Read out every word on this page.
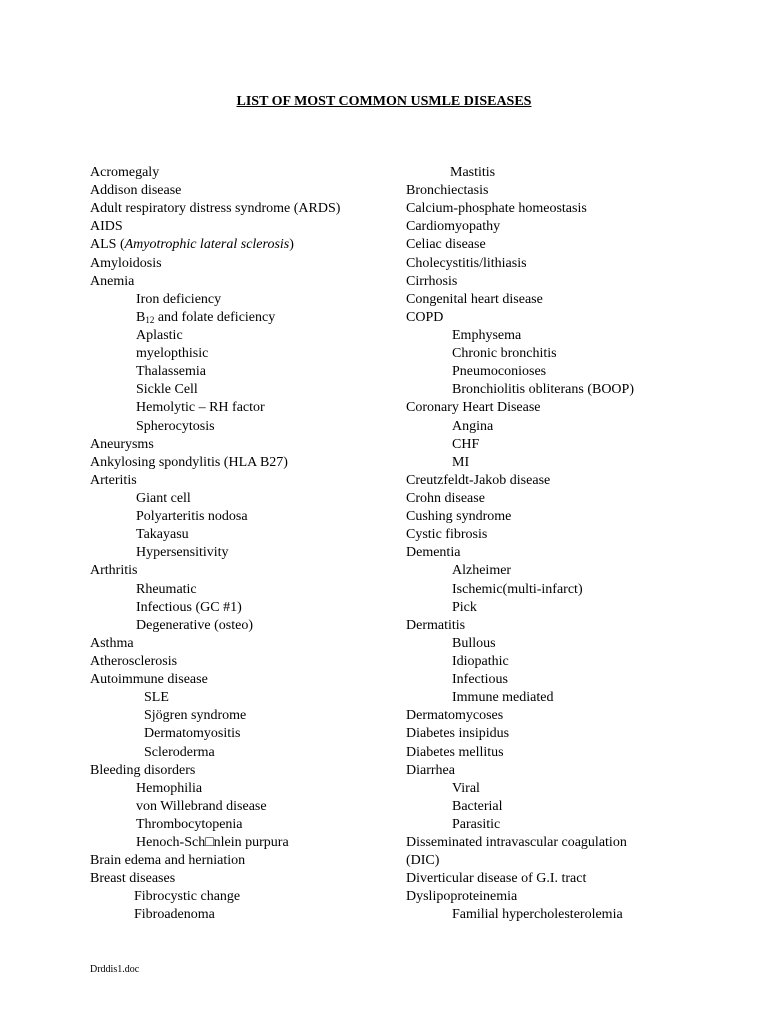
LIST OF MOST COMMON USMLE DISEASES
Acromegaly
Addison disease
Adult respiratory distress syndrome (ARDS)
AIDS
ALS (Amyotrophic lateral sclerosis)
Amyloidosis
Anemia
Iron deficiency
$B_{12}$ and folate deficiency
Aplastic
myelopthisic
Thalassemia
Sickle Cell
Hemolytic – RH factor
Spherocytosis
Aneurysms
Ankylosing spondylitis (HLA B27)
Arteritis
Giant cell
Polyarteritis nodosa
Takayasu
Hypersensitivity
Arthritis
Rheumatic
Infectious (GC #1)
Degenerative (osteo)
Asthma
Atherosclerosis
Autoimmune disease
SLE
Sjögren syndrome
Dermatomyositis
Scleroderma
Bleeding disorders
Hemophilia
von Willebrand disease
Thrombocytopenia
Henoch-Sch□nlein purpura
Brain edema and herniation
Breast diseases
Fibrocystic change
Fibroadenoma
Mastitis
Bronchiectasis
Calcium-phosphate homeostasis
Cardiomyopathy
Celiac disease
Cholecystitis/lithiasis
Cirrhosis
Congenital heart disease
COPD
Emphysema
Chronic bronchitis
Pneumoconioses
Bronchiolitis obliterans (BOOP)
Coronary Heart Disease
Angina
CHF
MI
Creutzfeldt-Jakob disease
Crohn disease
Cushing syndrome
Cystic fibrosis
Dementia
Alzheimer
Ischemic(multi-infarct)
Pick
Dermatitis
Bullous
Idiopathic
Infectious
Immune mediated
Dermatomycoses
Diabetes insipidus
Diabetes mellitus
Diarrhea
Viral
Bacterial
Parasitic
Disseminated intravascular coagulation
(DIC)
Diverticular disease of G.I. tract
Dyslipoproteinemia
Familial hypercholesterolemia
Drddis1.doc
